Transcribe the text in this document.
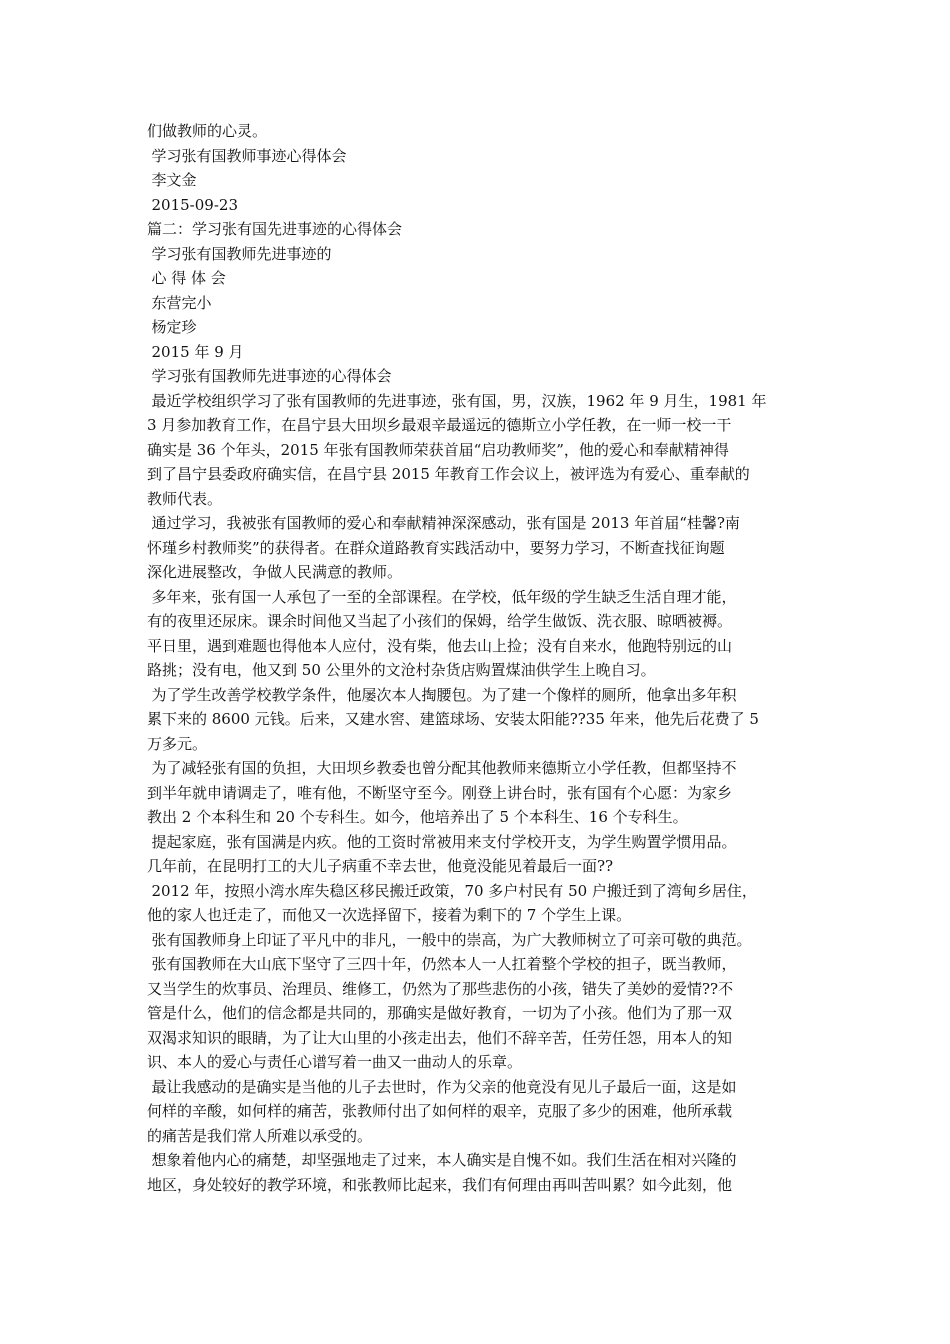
们做教师的心灵。
学习张有国教师事迹心得体会
李文金
2015-09-23
篇二：学习张有国先进事迹的心得体会
学习张有国教师先进事迹的
心 得 体 会
东营完小
杨定珍
2015 年 9 月
学习张有国教师先进事迹的心得体会
最近学校组织学习了张有国教师的先进事迹，张有国，男，汉族，1962 年 9 月生，1981 年
3 月参加教育工作，在昌宁县大田坝乡最艰辛最遥远的德斯立小学任教，在一师一校一干
确实是 36 个年头，2015 年张有国教师荣获首届“启功教师奖”，他的爱心和奉献精神得
到了昌宁县委政府确实信，在昌宁县 2015 年教育工作会议上，被评选为有爱心、重奉献的
教师代表。
通过学习，我被张有国教师的爱心和奉献精神深深感动，张有国是 2013 年首届“桂馨?南
怀瑾乡村教师奖”的获得者。在群众道路教育实践活动中，要努力学习，不断查找征询题
深化进展整改，争做人民满意的教师。
多年来，张有国一人承包了一至的全部课程。在学校，低年级的学生缺乏生活自理才能，
有的夜里还尿床。课余时间他又当起了小孩们的保姆，给学生做饭、洗衣服、晾晒被褥。
平日里，遇到难题也得他本人应付，没有柴，他去山上捡；没有自来水，他跑特别远的山
路挑；没有电，他又到 50 公里外的文沧村杂货店购置煤油供学生上晚自习。
为了学生改善学校教学条件，他屡次本人掏腰包。为了建一个像样的厕所，他拿出多年积
累下来的 8600 元钱。后来，又建水窖、建篮球场、安装太阳能??35 年来，他先后花费了 5
万多元。
为了减轻张有国的负担，大田坝乡教委也曾分配其他教师来德斯立小学任教，但都坚持不
到半年就申请调走了，唯有他，不断坚守至今。刚登上讲台时，张有国有个心愿：为家乡
教出 2 个本科生和 20 个专科生。如今，他培养出了 5 个本科生、16 个专科生。
提起家庭，张有国满是内疚。他的工资时常被用来支付学校开支，为学生购置学惯用品。
几年前，在昆明打工的大儿子病重不幸去世，他竟没能见着最后一面??
2012 年，按照小湾水库失稳区移民搬迁政策，70 多户村民有 50 户搬迁到了湾甸乡居住，
他的家人也迁走了，而他又一次选择留下，接着为剩下的 7 个学生上课。
张有国教师身上印证了平凡中的非凡，一般中的崇高，为广大教师树立了可亲可敬的典范。
张有国教师在大山底下坚守了三四十年，仍然本人一人扛着整个学校的担子，既当教师，
又当学生的炊事员、治理员、维修工，仍然为了那些悲伤的小孩，错失了美妙的爱情??不
管是什么，他们的信念都是共同的，那确实是做好教育，一切为了小孩。他们为了那一双
双渴求知识的眼睛，为了让大山里的小孩走出去，他们不辞辛苦，任劳任怨，用本人的知
识、本人的爱心与责任心谱写着一曲又一曲动人的乐章。
最让我感动的是确实是当他的儿子去世时，作为父亲的他竟没有见儿子最后一面，这是如
何样的辛酸，如何样的痛苦，张教师付出了如何样的艰辛，克服了多少的困难，他所承载
的痛苦是我们常人所难以承受的。
想象着他内心的痛楚，却坚强地走了过来，本人确实是自愧不如。我们生活在相对兴隆的
地区，身处较好的教学环境，和张教师比起来，我们有何理由再叫苦叫累？如今此刻，他
